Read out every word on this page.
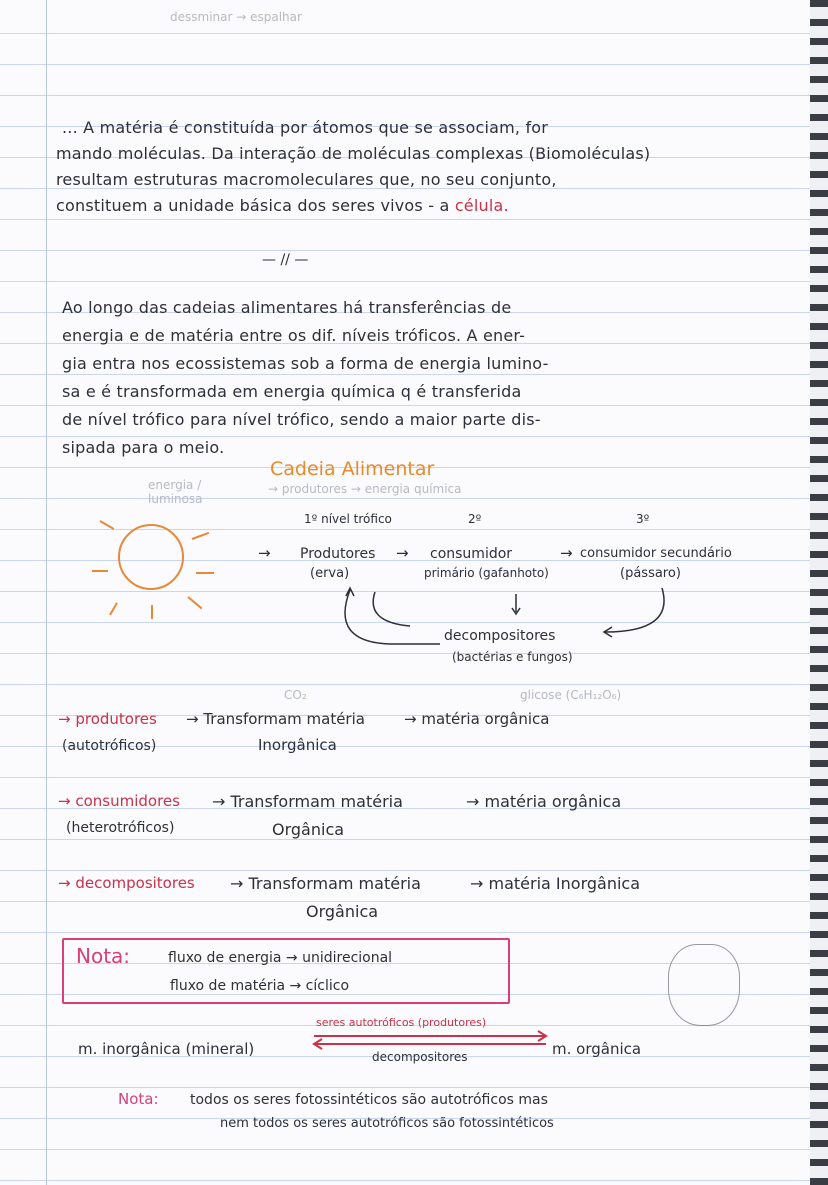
dessminar → espalhar
... A matéria é constituída por átomos que se associam, for
mando moléculas. Da interação de moléculas complexas (Biomoléculas)
resultam estruturas macromoleculares que, no seu conjunto,
constituem a unidade básica dos seres vivos - a célula.
— // —
Ao longo das cadeias alimentares há transferências de
energia e de matéria entre os dif. níveis tróficos. A ener-
gia entra nos ecossistemas sob a forma de energia lumino-
sa e é transformada em energia química q é transferida
de nível trófico para nível trófico, sendo a maior parte dis-
sipada para o meio.
Cadeia Alimentar
energia / luminosa
→ produtores → energia química
1º nível trófico	2º	3º
→ Produtores
(erva)
→ consumidor
primário (gafanhoto)
→ consumidor secundário
(pássaro)
decompositores
(bactérias e fungos)
CO₂	glicose (C₆H₁₂O₆)
→ produtores → Transformam matéria	→ matéria orgânica
(autotróficos)	Inorgânica
→ consumidores → Transformam matéria	→ matéria orgânica
(heterotróficos)	Orgânica
→ decompositores → Transformam matéria	→ matéria Inorgânica
Orgânica
Nota:	fluxo de energia → unidirecional
fluxo de matéria → cíclico
seres autotróficos (produtores)
m. inorgânica (mineral)	decompositores	m. orgânica
Nota: todos os seres fotossintéticos são autotróficos mas
nem todos os seres autotróficos são fotossintéticos
